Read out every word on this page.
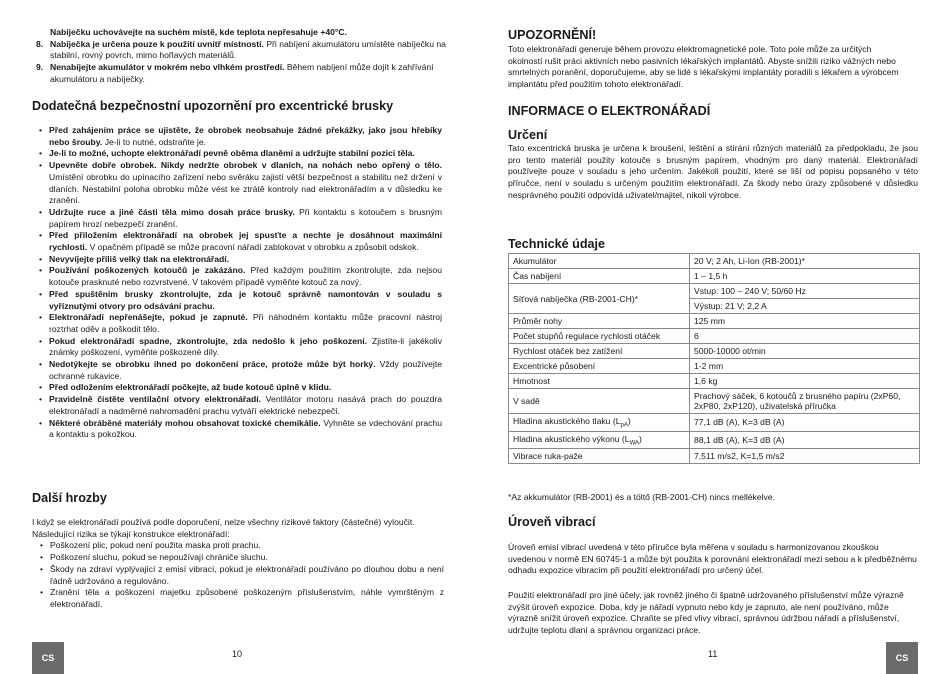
Nabíječku uchovávejte na suchém místě, kde teplota nepřesahuje +40°C.
8. Nabíječka je určena pouze k použití uvnitř místností. Při nabíjení akumulátoru umístěte nabíječku na stabilní, rovný povrch, mimo hořlavých materiálů.
9. Nenabíjejte akumulátor v mokrém nebo vlhkém prostředí. Během nabíjení může dojít k zahřívání akumulátoru a nabíječky.
Dodatečná bezpečnostní upozornění pro excentrické brusky
• Před zahájením práce se ujistěte, že obrobek neobsahuje žádné překážky, jako jsou hřebíky nebo šrouby. Je-li to nutné, odstraňte je.
• Je-li to možné, uchopte elektronářadí pevně oběma dlaněmi a udržujte stabilní pozici těla.
• Upevněte dobře obrobek. Nikdy nedržte obrobek v dlaních, na nohách nebo opřený o tělo. Umístění obrobku do upínacího zařízení nebo svěráku zajistí větší bezpečnost a stabilitu než držení v dlaních. Nestabilní poloha obrobku může vést ke ztrátě kontroly nad elektronářadím a v důsledku ke zranění.
• Udržujte ruce a jiné části těla mimo dosah práce brusky. Při kontaktu s kotoučem s brusným papírem hrozí nebezpečí zranění.
• Před přiložením elektronářadí na obrobek jej spusťte a nechte je dosáhnout maximální rychlosti. V opačném případě se může pracovní nářadí zablokovat v obrobku a způsobit odskok.
• Nevyvíjejte příliš velký tlak na elektronářadí.
• Používání poškozených kotoučů je zakázáno. Před každým použitím zkontrolujte, zda nejsou kotouče prasknuté nebo rozvrstvené. V takovém případě vyměňte kotouč za nový.
• Před spuštěním brusky zkontrolujte, zda je kotouč správně namontován v souladu s vyříznutými otvory pro odsávání prachu.
• Elektronářadí nepřenášejte, pokud je zapnuté. Při náhodném kontaktu může pracovní nástroj roztrhat oděv a poškodit tělo.
• Pokud elektronářadí spadne, zkontrolujte, zda nedošlo k jeho poškození. Zjistíte-li jakékoliv známky poškození, vyměňte poškozené díly.
• Nedotýkejte se obrobku ihned po dokončení práce, protože může být horký. Vždy používejte ochranné rukavice.
• Před odložením elektronářadí počkejte, až bude kotouč úplně v klidu.
• Pravidelně čistěte ventilační otvory elektronářadí. Ventilátor motoru nasává prach do pouzdra elektronářadí a nadměrné nahromadění prachu vytváří elektrické nebezpečí.
• Některé obráběné materiály mohou obsahovat toxické chemikálie. Vyhněte se vdechování prachu a kontaktu s pokožkou.
Další hrozby

I když se elektronářadí používá podle doporučení, nelze všechny rizikové faktory (částečné) vyloučit. Následující rizika se týkají konstrukce elektronářadí:

• Poškození plic, pokud není použita maska proti prachu.
• Poškození sluchu, pokud se nepoužívají chrániče sluchu.
• Škody na zdraví vyplývající z emisí vibrací, pokud je elektronářadí používáno po dlouhou dobu a není řádně udržováno a regulováno.
• Zranění těla a poškození majetku způsobené poškozeným příslušenstvím, náhle vymrštěným z elektronářadí.
CS	10
UPOZORNĚNÍ!

Toto elektronářadí generuje během provozu elektromagnetické pole. Toto pole může za určitých okolností rušit práci aktivních nebo pasivních lékařských implantátů. Abyste snížili riziko vážných nebo smrtelných poranění, doporučujeme, aby se lidé s lékařskými implantáty poradili s lékařem a výrobcem implantátu před použitím tohoto elektronářadí.

INFORMACE O ELEKTRONÁŘADÍ
Určení

Tato excentrická bruska je určena k broušení, leštění a stírání různých materiálů za předpokladu, že jsou pro tento materiál použity kotouče s brusným papírem, vhodným pro daný materiál. Elektronářadí používejte pouze v souladu s jeho určením. Jakékoli použití, které se liší od popisu popsaného v této příručce, není v souladu s určeným použitím elektronářadí. Za škody nebo úrazy způsobené v důsledku nesprávného použití odpovídá uživatel/majitel, nikoli výrobce.

Technické údaje
Akumulátor	20 V; 2 Ah, Li-Ion (RB-2001)*
Čas nabíjení	1 – 1,5 h
Síťová nabíječka (RB-2001-CH)*	Vstup: 100 – 240 V; 50/60 Hz
	Výstup: 21 V; 2,2 A
Průměr nohy	125 mm
Počet stupňů regulace rychlosti otáček	6
Rychlost otáček bez zatížení	5000-10000 ot/min
Excentrické působení	1-2 mm
Hmotnost	1,6 kg
V sadě	Prachový sáček, 6 kotoučů z brusného papíru (2xP60, 2xP80, 2xP120), uživatelská příručka
Hladina akustického tlaku $(L_{pA})$	77,1 dB (A), K=3 dB (A)
Hladina akustického výkonu $(L_{WA})$	88,1 dB (A), K=3 dB (A)
Vibrace ruka-paže	7,511 m/s2, K=1,5 m/s2

*Az akkumulátor (RB-2001) és a töltő (RB-2001-CH) nincs mellékelve.

Úroveň vibrací

Úroveň emisí vibrací uvedená v této příručce byla měřena v souladu s harmonizovanou zkouškou uvedenou v normě EN 60745-1 a může být použita k porovnání elektronářadí mezi sebou a k předběžnému odhadu expozice vibracím při použití elektronářadí pro určený účel.

Použití elektronářadí pro jiné účely, jak rovněž jiného či špatně udržovaného příslušenství může výrazně zvýšit úroveň expozice. Doba, kdy je nářadí vypnuto nebo kdy je zapnuto, ale není používáno, může výrazně snížit úroveň expozice. Chraňte se před vlivy vibrací, správnou údržbou nářadí a příslušenství, udržujte teplotu dlaní a správnou organizaci práce.

11	CS
